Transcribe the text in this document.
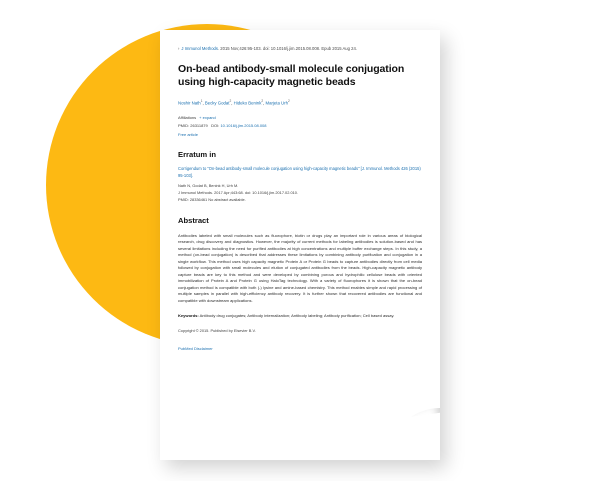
› J Immunol Methods. 2015 Nov;426:95-103. doi: 10.1016/j.jim.2015.08.008. Epub 2015 Aug 24.
On-bead antibody-small molecule conjugation using high-capacity magnetic beads
Noshir Nath$^1$, Becky Godat$^2$, Hideko Benink$^2$, Marjeta Urh$^2$
Affiliations + expand
PMID: 26311879 DOI: 10.1016/j.jim.2015.08.008
Free article
Erratum in
Corrigendum to "On-bead antibody-small molecule conjugation using high-capacity magnetic beads" [J. Immunol. Methods 426 (2015) 95-103].
Nath N, Godat B, Benink H, Urh M.
J Immunol Methods. 2017 Apr;443:68. doi: 10.1016/j.jim.2017.02.010.
PMID: 28336461 No abstract available.
Abstract

Antibodies labeled with small molecules such as fluorophore, biotin or drugs play an important role in various areas of biological research, drug discovery and diagnostics. However, the majority of current methods for labeling antibodies is solution-based and has several limitations including the need for purified antibodies at high concentrations and multiple buffer exchange steps. In this study, a method (on-bead conjugation) is described that addresses these limitations by combining antibody purification and conjugation in a single workflow. This method uses high capacity magnetic Protein A or Protein G beads to capture antibodies directly from cell media followed by conjugation with small molecules and elution of conjugated antibodies from the beads. High-capacity magnetic antibody capture beads are key to this method and were developed by combining porous and hydrophilic cellulose beads with oriented immobilization of Protein A and Protein G using HaloTag technology. With a variety of fluorophores it is shown that the on-bead conjugation method is compatible with both (-) lysine and amine-based chemistry. This method enables simple and rapid processing of multiple samples in parallel with high-efficiency antibody recovery. It is further shown that recovered antibodies are functional and compatible with downstream applications.

Keywords: Antibody drug conjugates; Antibody internalization; Antibody labeling; Antibody purification; Cell based assay.
Copyright © 2015. Published by Elsevier B.V.
PubMed Disclaimer
